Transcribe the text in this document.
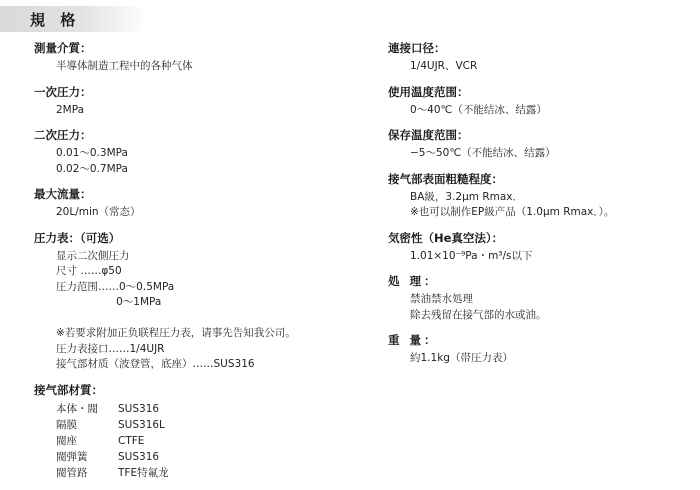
規 格
測量介質：
半導体制造工程中的各种气体
一次圧力：
2MPa
二次圧力：
0.01～0.3MPa
0.02～0.7MPa
最大流量：
20L/min（常态）
圧力表：（可选）
显示二次側圧力
尺寸 ……φ50
圧力范围……0～0.5MPa
0～1MPa

※若要求附加正负联程圧力表，请事先告知我公司。
圧力表接口……1/4UJR
接气部材质（波登管，底座）……SUS316
接气部材質：
本体・閥	SUS316
隔膜	SUS316L
閥座	CTFE
閥弾簧	SUS316
閥管路	TFE特氟龙
連接口径：
1/4UJR、VCR
使用温度范围：
0～40℃（不能结冰、结露）
保存温度范围：
−5～50℃（不能结冰、结露）
接气部表面粗糙程度：
BA級，3.2μm Rmax．
※也可以制作EP級产品（1.0μm Rmax．）。
気密性（He真空法）：
1.01×10⁻⁹Pa・m³/s以下
処 理：
禁油禁水処理
除去残留在接气部的水或油。
重 量：
約1.1kg（帯圧力表）
